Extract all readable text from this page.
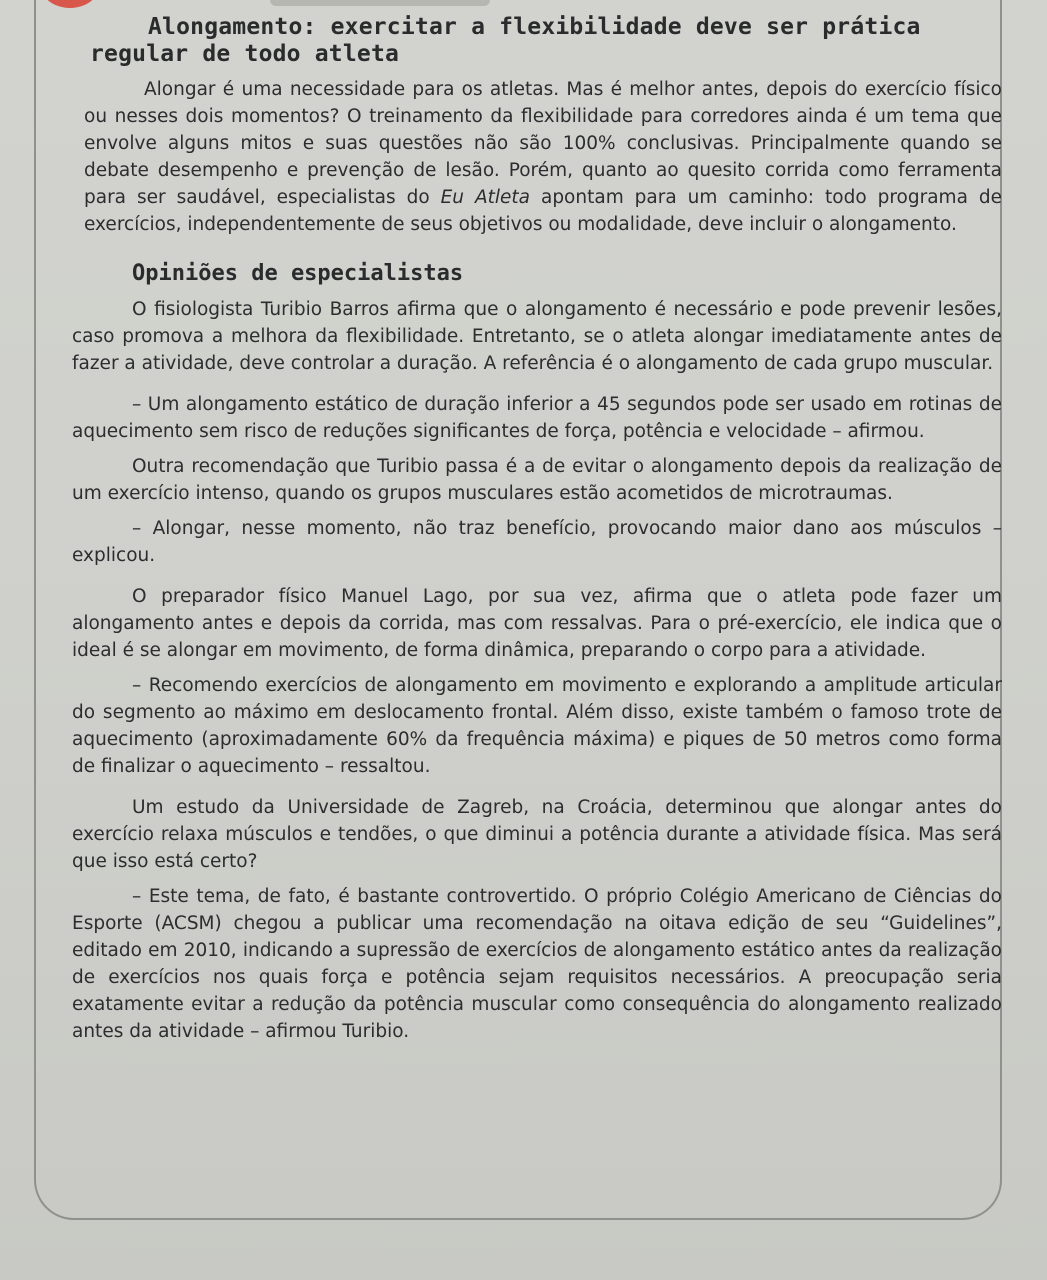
Alongamento: exercitar a flexibilidade deve ser prática regular de todo atleta

Alongar é uma necessidade para os atletas. Mas é melhor antes, depois do exercício físico ou nesses dois momentos? O treinamento da flexibilidade para corredores ainda é um tema que envolve alguns mitos e suas questões não são 100% conclusivas. Principalmente quando se debate desempenho e prevenção de lesão. Porém, quanto ao quesito corrida como ferramenta para ser saudável, especialistas do Eu Atleta apontam para um caminho: todo programa de exercícios, independentemente de seus objetivos ou modalidade, deve incluir o alongamento.

Opiniões de especialistas

O fisiologista Turibio Barros afirma que o alongamento é necessário e pode prevenir lesões, caso promova a melhora da flexibilidade. Entretanto, se o atleta alongar imediatamente antes de fazer a atividade, deve controlar a duração. A referência é o alongamento de cada grupo muscular.

– Um alongamento estático de duração inferior a 45 segundos pode ser usado em rotinas de aquecimento sem risco de reduções significantes de força, potência e velocidade – afirmou.

Outra recomendação que Turibio passa é a de evitar o alongamento depois da realização de um exercício intenso, quando os grupos musculares estão acometidos de microtraumas.

– Alongar, nesse momento, não traz benefício, provocando maior dano aos músculos – explicou.

O preparador físico Manuel Lago, por sua vez, afirma que o atleta pode fazer um alongamento antes e depois da corrida, mas com ressalvas. Para o pré-exercício, ele indica que o ideal é se alongar em movimento, de forma dinâmica, preparando o corpo para a atividade.

– Recomendo exercícios de alongamento em movimento e explorando a amplitude articular do segmento ao máximo em deslocamento frontal. Além disso, existe também o famoso trote de aquecimento (aproximadamente 60% da frequência máxima) e piques de 50 metros como forma de finalizar o aquecimento – ressaltou.

Um estudo da Universidade de Zagreb, na Croácia, determinou que alongar antes do exercício relaxa músculos e tendões, o que diminui a potência durante a atividade física. Mas será que isso está certo?

– Este tema, de fato, é bastante controvertido. O próprio Colégio Americano de Ciências do Esporte (ACSM) chegou a publicar uma recomendação na oitava edição de seu “Guidelines”, editado em 2010, indicando a supressão de exercícios de alongamento estático antes da realização de exercícios nos quais força e potência sejam requisitos necessários. A preocupação seria exatamente evitar a redução da potência muscular como consequência do alongamento realizado antes da atividade – afirmou Turibio.
